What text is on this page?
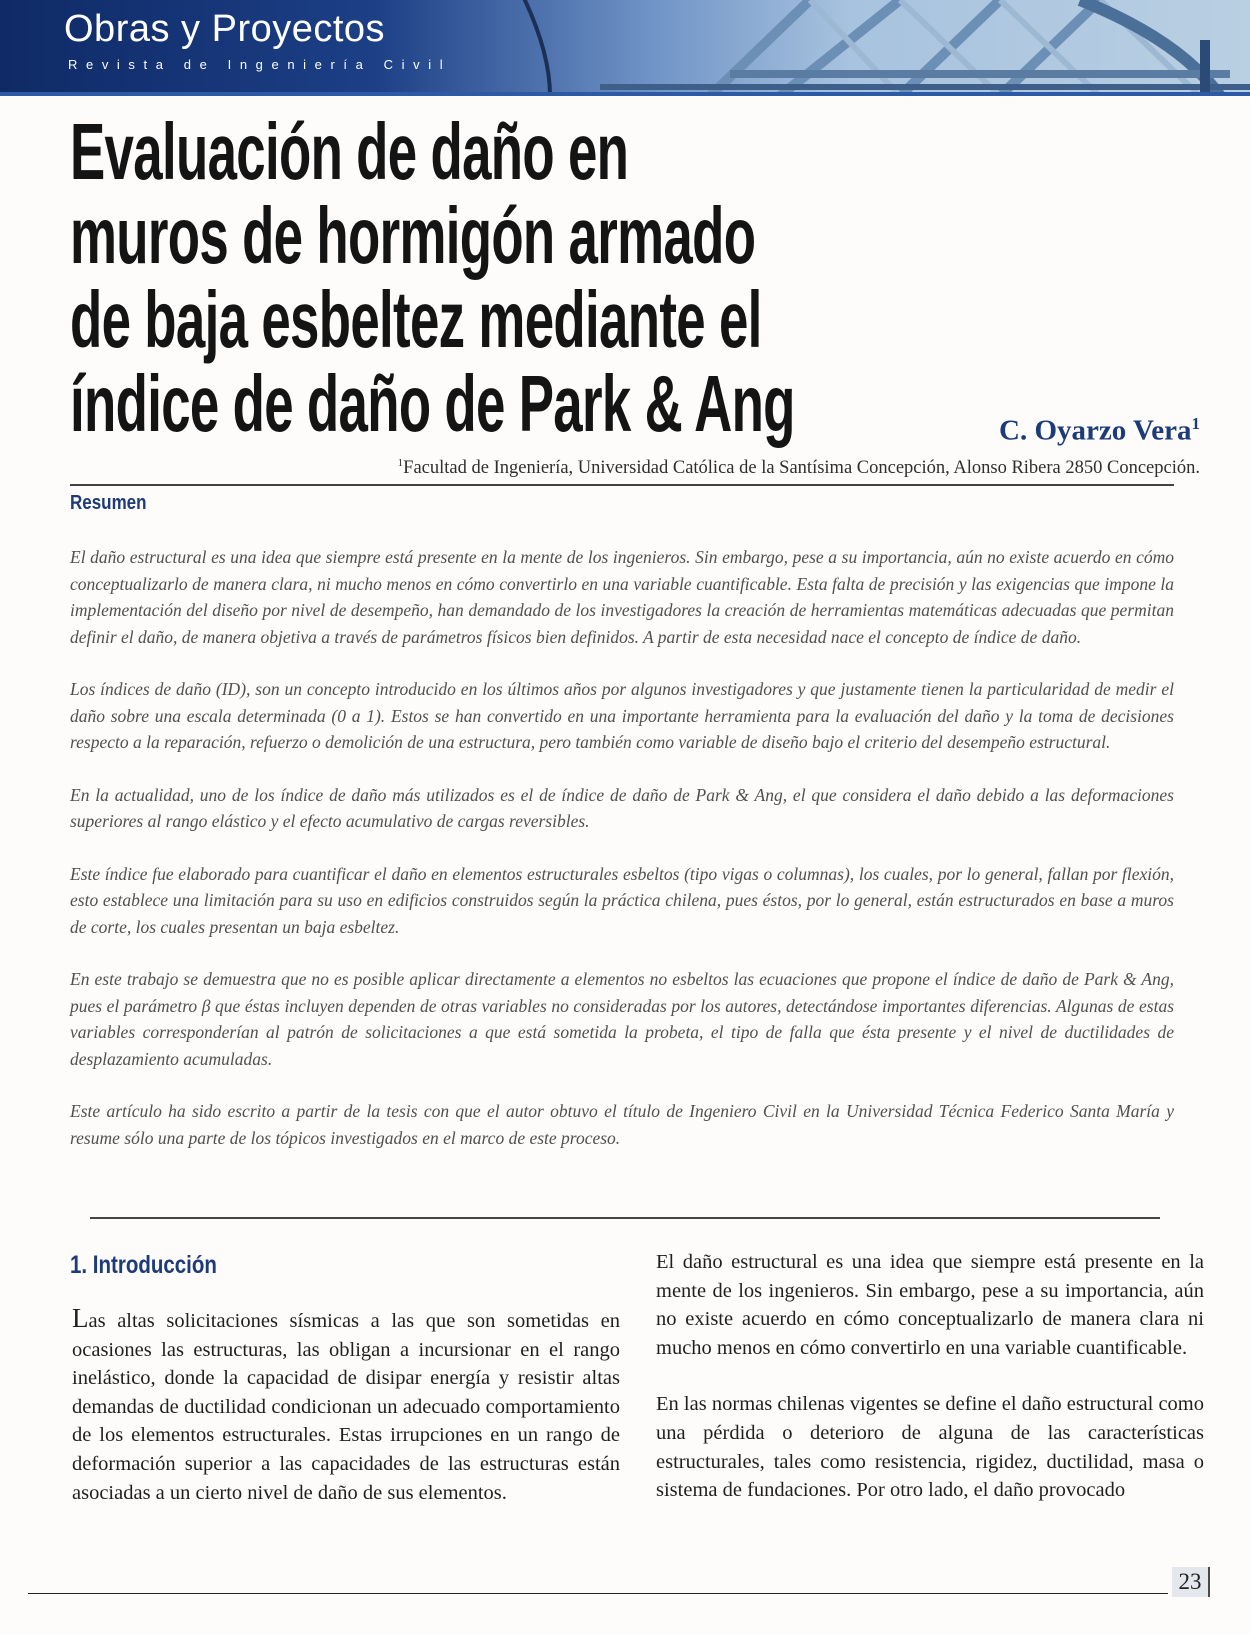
Obras y Proyectos
Revista de Ingeniería Civil
Evaluación de daño en
muros de hormigón armado
de baja esbeltez mediante el
índice de daño de Park & Ang	C. Oyarzo Vera$^1$
$^1$Facultad de Ingeniería, Universidad Católica de la Santísima Concepción, Alonso Ribera 2850 Concepción.
Resumen

El daño estructural es una idea que siempre está presente en la mente de los ingenieros. Sin embargo, pese a su importancia, aún no existe acuerdo en cómo conceptualizarlo de manera clara, ni mucho menos en cómo convertirlo en una variable cuantificable. Esta falta de precisión y las exigencias que impone la implementación del diseño por nivel de desempeño, han demandado de los investigadores la creación de herramientas matemáticas adecuadas que permitan definir el daño, de manera objetiva a través de parámetros físicos bien definidos. A partir de esta necesidad nace el concepto de índice de daño.

Los índices de daño (ID), son un concepto introducido en los últimos años por algunos investigadores y que justamente tienen la particularidad de medir el daño sobre una escala determinada (0 a 1). Estos se han convertido en una importante herramienta para la evaluación del daño y la toma de decisiones respecto a la reparación, refuerzo o demolición de una estructura, pero también como variable de diseño bajo el criterio del desempeño estructural.

En la actualidad, uno de los índice de daño más utilizados es el de índice de daño de Park & Ang, el que considera el daño debido a las deformaciones superiores al rango elástico y el efecto acumulativo de cargas reversibles.

Este índice fue elaborado para cuantificar el daño en elementos estructurales esbeltos (tipo vigas o columnas), los cuales, por lo general, fallan por flexión, esto establece una limitación para su uso en edificios construidos según la práctica chilena, pues éstos, por lo general, están estructurados en base a muros de corte, los cuales presentan un baja esbeltez.

En este trabajo se demuestra que no es posible aplicar directamente a elementos no esbeltos las ecuaciones que propone el índice de daño de Park & Ang, pues el parámetro β que éstas incluyen dependen de otras variables no consideradas por los autores, detectándose importantes diferencias. Algunas de estas variables corresponderían al patrón de solicitaciones a que está sometida la probeta, el tipo de falla que ésta presente y el nivel de ductilidades de desplazamiento acumuladas.

Este artículo ha sido escrito a partir de la tesis con que el autor obtuvo el título de Ingeniero Civil en la Universidad Técnica Federico Santa María y resume sólo una parte de los tópicos investigados en el marco de este proceso.

1. Introducción

Las altas solicitaciones sísmicas a las que son sometidas en ocasiones las estructuras, las obligan a incursionar en el rango inelástico, donde la capacidad de disipar energía y resistir altas demandas de ductilidad condicionan un adecuado comportamiento de los elementos estructurales. Estas irrupciones en un rango de deformación superior a las capacidades de las estructuras están asociadas a un cierto nivel de daño de sus elementos.

El daño estructural es una idea que siempre está presente en la mente de los ingenieros. Sin embargo, pese a su importancia, aún no existe acuerdo en cómo conceptualizarlo de manera clara ni mucho menos en cómo convertirlo en una variable cuantificable.

En las normas chilenas vigentes se define el daño estructural como una pérdida o deterioro de alguna de las características estructurales, tales como resistencia, rigidez, ductilidad, masa o sistema de fundaciones. Por otro lado, el daño provocado

23
